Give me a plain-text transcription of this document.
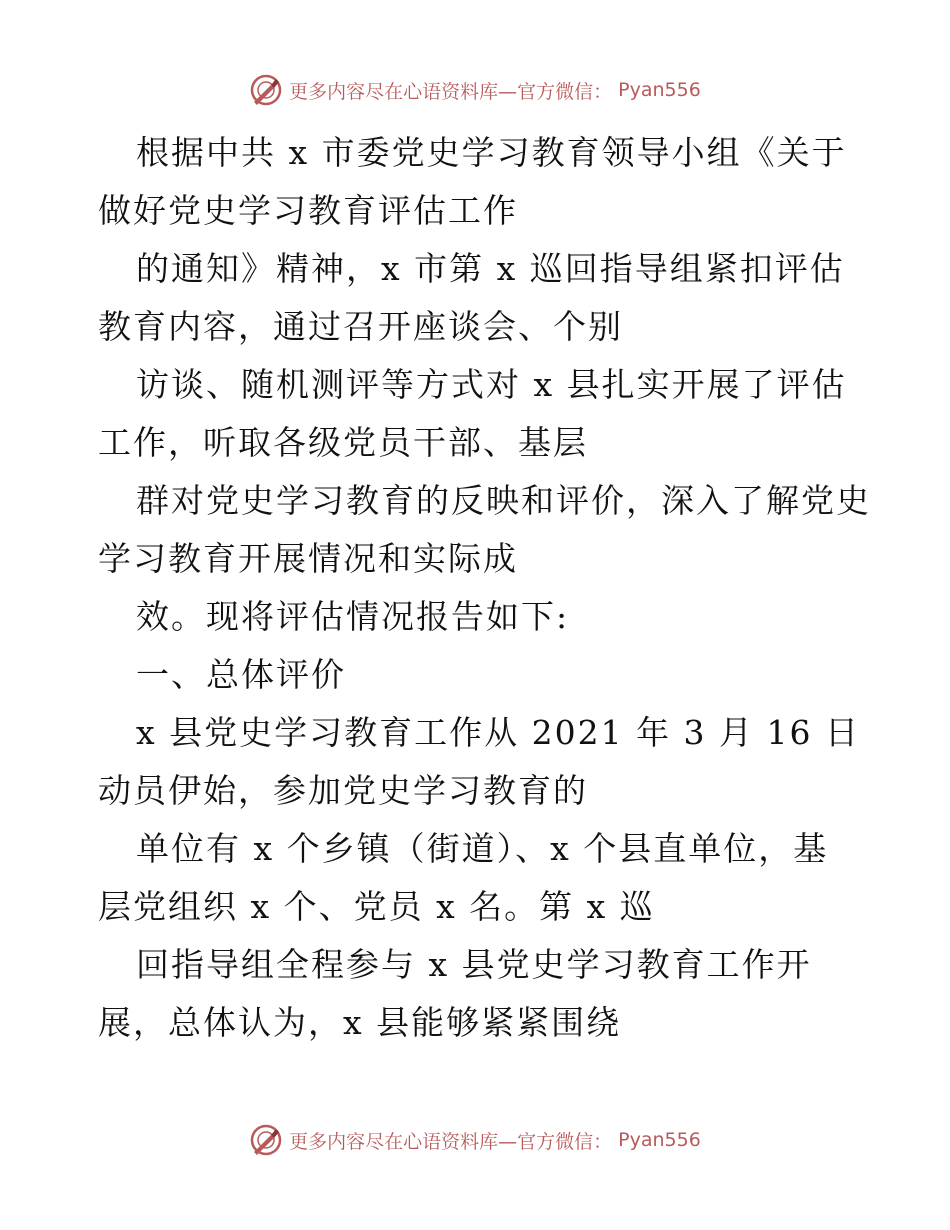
更多内容尽在心语资料库—官方微信： Pyan556
根据中共 x 市委党史学习教育领导小组《关于
做好党史学习教育评估工作
的通知》精神，x 市第 x 巡回指导组紧扣评估
教育内容，通过召开座谈会、个别
访谈、随机测评等方式对 x 县扎实开展了评估
工作，听取各级党员干部、基层
群对党史学习教育的反映和评价，深入了解党史
学习教育开展情况和实际成
效。现将评估情况报告如下:
一、总体评价
x 县党史学习教育工作从 2021 年 3 月 16 日
动员伊始，参加党史学习教育的
单位有 x 个乡镇（街道）、x 个县直单位，基
层党组织 x 个、党员 x 名。第 x 巡
回指导组全程参与 x 县党史学习教育工作开
展，总体认为，x 县能够紧紧围绕
更多内容尽在心语资料库—官方微信： Pyan556
